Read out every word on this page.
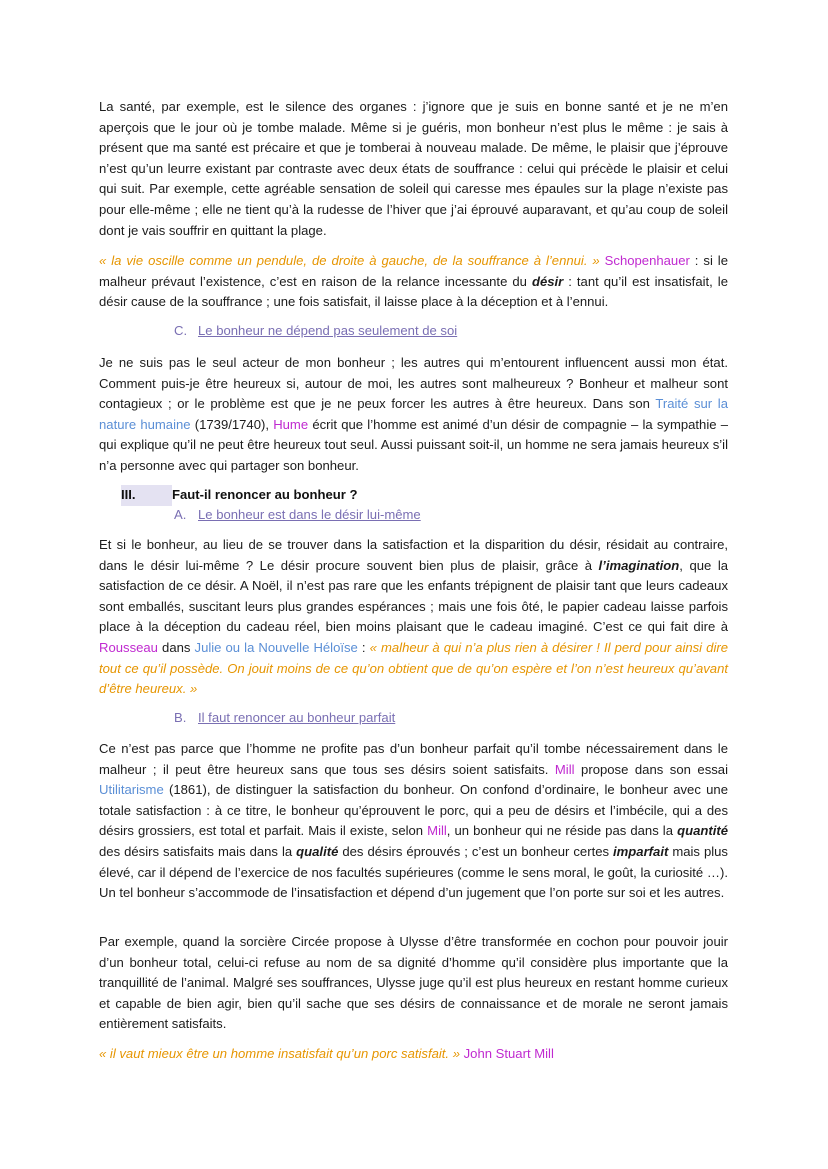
La santé, par exemple, est le silence des organes : j’ignore que je suis en bonne santé et je ne m’en aperçois que le jour où je tombe malade. Même si je guéris, mon bonheur n’est plus le même : je sais à présent que ma santé est précaire et que je tomberai à nouveau malade. De même, le plaisir que j’éprouve n’est qu’un leurre existant par contraste avec deux états de souffrance : celui qui précède le plaisir et celui qui suit. Par exemple, cette agréable sensation de soleil qui caresse mes épaules sur la plage n’existe pas pour elle-même ; elle ne tient qu’à la rudesse de l’hiver que j’ai éprouvé auparavant, et qu’au coup de soleil dont je vais souffrir en quittant la plage.

« la vie oscille comme un pendule, de droite à gauche, de la souffrance à l’ennui. » Schopenhauer : si le malheur prévaut l’existence, c’est en raison de la relance incessante du désir : tant qu’il est insatisfait, le désir cause de la souffrance ; une fois satisfait, il laisse place à la déception et à l’ennui.

C. Le bonheur ne dépend pas seulement de soi

Je ne suis pas le seul acteur de mon bonheur ; les autres qui m’entourent influencent aussi mon état. Comment puis-je être heureux si, autour de moi, les autres sont malheureux ? Bonheur et malheur sont contagieux ; or le problème est que je ne peux forcer les autres à être heureux. Dans son Traité sur la nature humaine (1739/1740), Hume écrit que l’homme est animé d’un désir de compagnie – la sympathie – qui explique qu’il ne peut être heureux tout seul. Aussi puissant soit-il, un homme ne sera jamais heureux s’il n’a personne avec qui partager son bonheur.

III.	Faut-il renoncer au bonheur ?

A. Le bonheur est dans le désir lui-même

Et si le bonheur, au lieu de se trouver dans la satisfaction et la disparition du désir, résidait au contraire, dans le désir lui-même ? Le désir procure souvent bien plus de plaisir, grâce à l’imagination, que la satisfaction de ce désir. A Noël, il n’est pas rare que les enfants trépignent de plaisir tant que leurs cadeaux sont emballés, suscitant leurs plus grandes espérances ; mais une fois ôté, le papier cadeau laisse parfois place à la déception du cadeau réel, bien moins plaisant que le cadeau imaginé. C’est ce qui fait dire à Rousseau dans Julie ou la Nouvelle Héloïse : « malheur à qui n’a plus rien à désirer ! Il perd pour ainsi dire tout ce qu’il possède. On jouit moins de ce qu’on obtient que de qu’on espère et l’on n’est heureux qu’avant d’être heureux. »

B. Il faut renoncer au bonheur parfait

Ce n’est pas parce que l’homme ne profite pas d’un bonheur parfait qu’il tombe nécessairement dans le malheur ; il peut être heureux sans que tous ses désirs soient satisfaits. Mill propose dans son essai Utilitarisme (1861), de distinguer la satisfaction du bonheur. On confond d’ordinaire, le bonheur avec une totale satisfaction : à ce titre, le bonheur qu’éprouvent le porc, qui a peu de désirs et l’imbécile, qui a des désirs grossiers, est total et parfait. Mais il existe, selon Mill, un bonheur qui ne réside pas dans la quantité des désirs satisfaits mais dans la qualité des désirs éprouvés ; c’est un bonheur certes imparfait mais plus élevé, car il dépend de l’exercice de nos facultés supérieures (comme le sens moral, le goût, la curiosité …). Un tel bonheur s’accommode de l’insatisfaction et dépend d’un jugement que l’on porte sur soi et les autres.

Par exemple, quand la sorcière Circée propose à Ulysse d’être transformée en cochon pour pouvoir jouir d’un bonheur total, celui-ci refuse au nom de sa dignité d’homme qu’il considère plus importante que la tranquillité de l’animal. Malgré ses souffrances, Ulysse juge qu’il est plus heureux en restant homme curieux et capable de bien agir, bien qu’il sache que ses désirs de connaissance et de morale ne seront jamais entièrement satisfaits.

« il vaut mieux être un homme insatisfait qu’un porc satisfait. » John Stuart Mill
